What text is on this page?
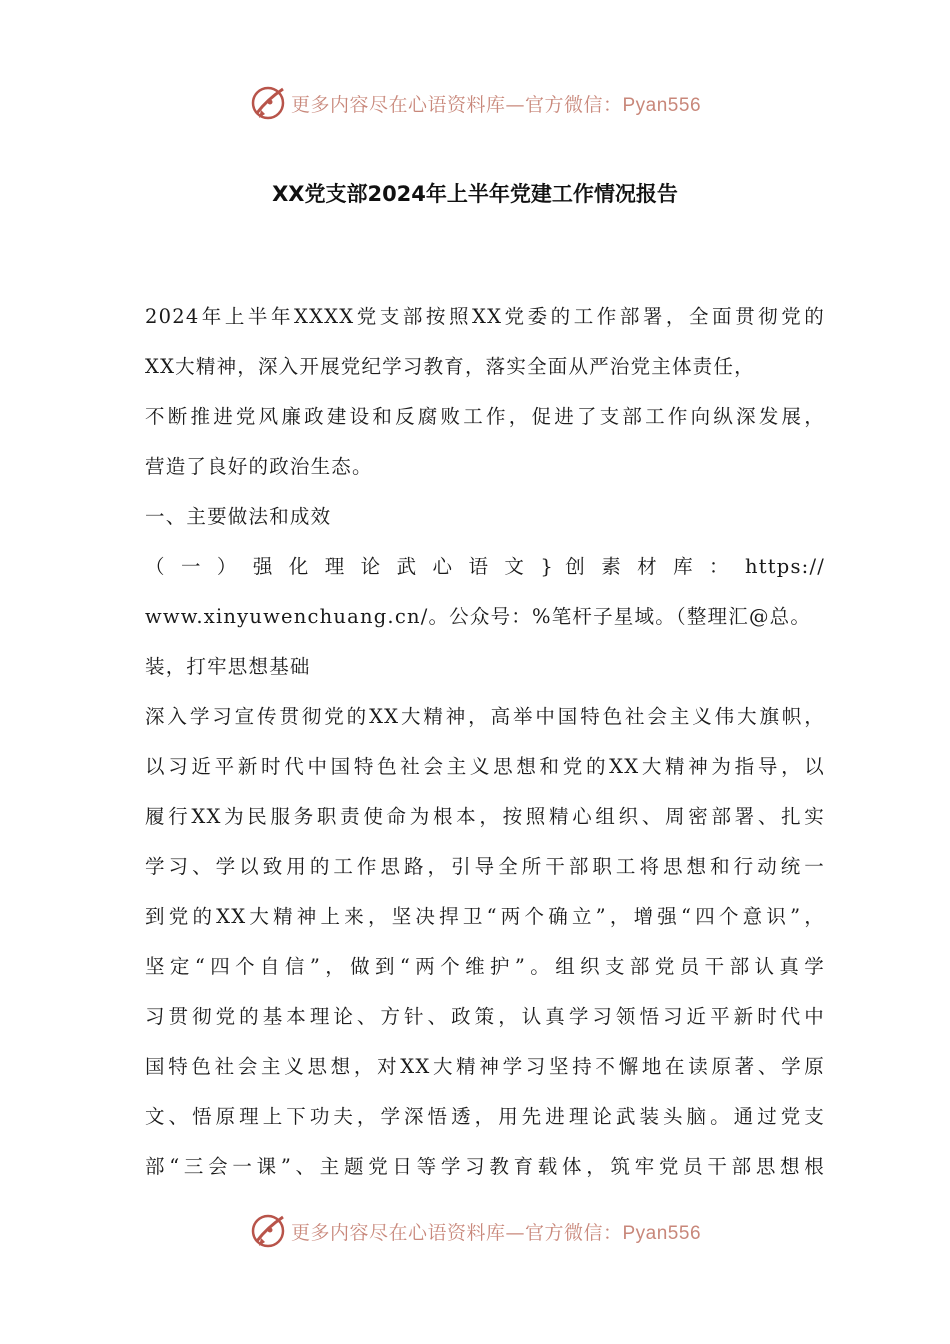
更多内容尽在心语资料库—官方微信：Pyan556
XX党支部2024年上半年党建工作情况报告
2024年上半年XXXX党支部按照XX党委的工作部署，全面贯彻党的
XX大精神，深入开展党纪学习教育，落实全面从严治党主体责任，
不断推进党风廉政建设和反腐败工作，促进了支部工作向纵深发展，
营造了良好的政治生态。
一、主要做法和成效
（ 一 ） 强 化 理 论 武 心 语 文 } 创 素 材 库 ： https://
www.xinyuwenchuang.cn/。公众号：%笔杆子星域。（整理汇@总。
装，打牢思想基础
深入学习宣传贯彻党的XX大精神，高举中国特色社会主义伟大旗帜，
以习近平新时代中国特色社会主义思想和党的XX大精神为指导，以
履行XX为民服务职责使命为根本，按照精心组织、周密部署、扎实
学习、学以致用的工作思路，引导全所干部职工将思想和行动统一
到党的XX大精神上来，坚决捍卫“两个确立”，增强“四个意识”，
坚定“四个自信”，做到“两个维护”。组织支部党员干部认真学
习贯彻党的基本理论、方针、政策，认真学习领悟习近平新时代中
国特色社会主义思想，对XX大精神学习坚持不懈地在读原著、学原
文、悟原理上下功夫，学深悟透，用先进理论武装头脑。通过党支
部“三会一课”、主题党日等学习教育载体，筑牢党员干部思想根
更多内容尽在心语资料库—官方微信：Pyan556
